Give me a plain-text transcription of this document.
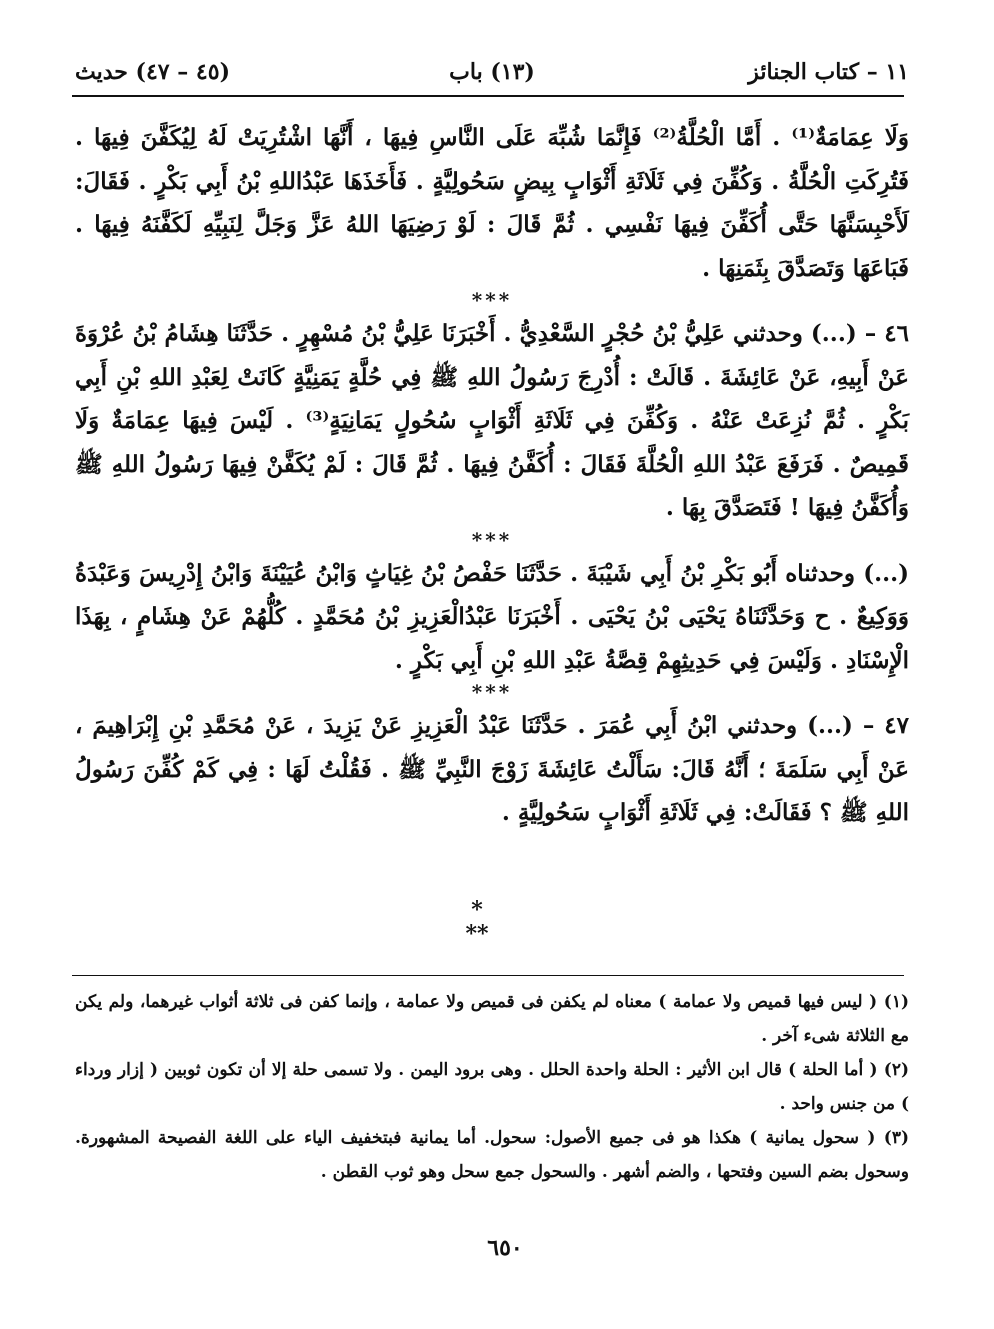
١١ – كتاب الجنائز
(١٣) باب
(٤٥ – ٤٧) حديث

وَلَا عِمَامَةٌ⁽¹⁾ . أَمَّا الْحُلَّةُ⁽²⁾ فَإِنَّمَا شُبِّهَ عَلَى النَّاسِ فِيهَا ، أَنَّهَا اشْتُرِيَتْ لَهُ لِيُكَفَّنَ فِيهَا . فَتُرِكَتِ الْحُلَّةُ . وَكُفِّنَ فِي ثَلَاثَةِ أَثْوَابٍ بِيضٍ سَحُولِيَّةٍ . فَأَخَذَهَا عَبْدُاللهِ بْنُ أَبِي بَكْرٍ . فَقَالَ: لَأَحْبِسَنَّهَا حَتَّى أُكَفِّنَ فِيهَا نَفْسِي . ثُمَّ قَالَ : لَوْ رَضِيَهَا اللهُ عَزَّ وَجَلَّ لِنَبِيِّهِ لَكَفَّنَهُ فِيهَا . فَبَاعَهَا وَتَصَدَّقَ بِثَمَنِهَا .

***

٤٦ – (...) وحدثني عَلِيُّ بْنُ حُجْرٍ السَّعْدِيُّ . أَخْبَرَنَا عَلِيُّ بْنُ مُسْهِرٍ . حَدَّثَنَا هِشَامُ بْنُ عُرْوَةَ عَنْ أَبِيهِ، عَنْ عَائِشَةَ . قَالَتْ : أُدْرِجَ رَسُولُ اللهِ ﷺ فِي حُلَّةٍ يَمَنِيَّةٍ كَانَتْ لِعَبْدِ اللهِ بْنِ أَبِي بَكْرٍ . ثُمَّ نُزِعَتْ عَنْهُ . وَكُفِّنَ فِي ثَلَاثَةِ أَثْوَابٍ سُحُولٍ يَمَانِيَةٍ⁽³⁾ . لَيْسَ فِيهَا عِمَامَةٌ وَلَا قَمِيصٌ . فَرَفَعَ عَبْدُ اللهِ الْحُلَّةَ فَقَالَ : أُكَفَّنُ فِيهَا . ثُمَّ قَالَ : لَمْ يُكَفَّنْ فِيهَا رَسُولُ اللهِ ﷺ وَأُكَفَّنُ فِيهَا ! فَتَصَدَّقَ بِهَا .

***

(...) وحدثناه أَبُو بَكْرِ بْنُ أَبِي شَيْبَةَ . حَدَّثَنَا حَفْصُ بْنُ غِيَاثٍ وَابْنُ عُيَيْنَةَ وَابْنُ إِدْرِيسَ وَعَبْدَةُ وَوَكِيعٌ . ح وَحَدَّثَنَاهُ يَحْيَى بْنُ يَحْيَى . أَخْبَرَنَا عَبْدُالْعَزِيزِ بْنُ مُحَمَّدٍ . كُلُّهُمْ عَنْ هِشَامٍ ، بِهَذَا الْإِسْنَادِ . وَلَيْسَ فِي حَدِيثِهِمْ قِصَّةُ عَبْدِ اللهِ بْنِ أَبِي بَكْرٍ .

***

٤٧ – (...) وحدثني ابْنُ أَبِي عُمَرَ . حَدَّثَنَا عَبْدُ الْعَزِيزِ عَنْ يَزِيدَ ، عَنْ مُحَمَّدِ بْنِ إِبْرَاهِيمَ ، عَنْ أَبِي سَلَمَةَ ؛ أَنَّهُ قَالَ: سَأَلْتُ عَائِشَةَ زَوْجَ النَّبِيِّ ﷺ . فَقُلْتُ لَهَا : فِي كَمْ كُفِّنَ رَسُولُ اللهِ ﷺ ؟ فَقَالَتْ: فِي ثَلَاثَةِ أَثْوَابٍ سَحُولِيَّةٍ .

*
**

(١) ( ليس فيها قميص ولا عمامة ) معناه لم يكفن فى قميص ولا عمامة ، وإنما كفن فى ثلاثة أثواب غيرهما، ولم يكن مع الثلاثة شىء آخر .

(٢) ( أما الحلة ) قال ابن الأثير : الحلة واحدة الحلل . وهى برود اليمن . ولا تسمى حلة إلا أن تكون ثوبين ( إزار ورداء ) من جنس واحد .

(٣) ( سحول يمانية ) هكذا هو فى جميع الأصول: سحول. أما يمانية فبتخفيف الياء على اللغة الفصيحة المشهورة. وسحول بضم السين وفتحها ، والضم أشهر . والسحول جمع سحل وهو ثوب القطن .

٦٥٠
